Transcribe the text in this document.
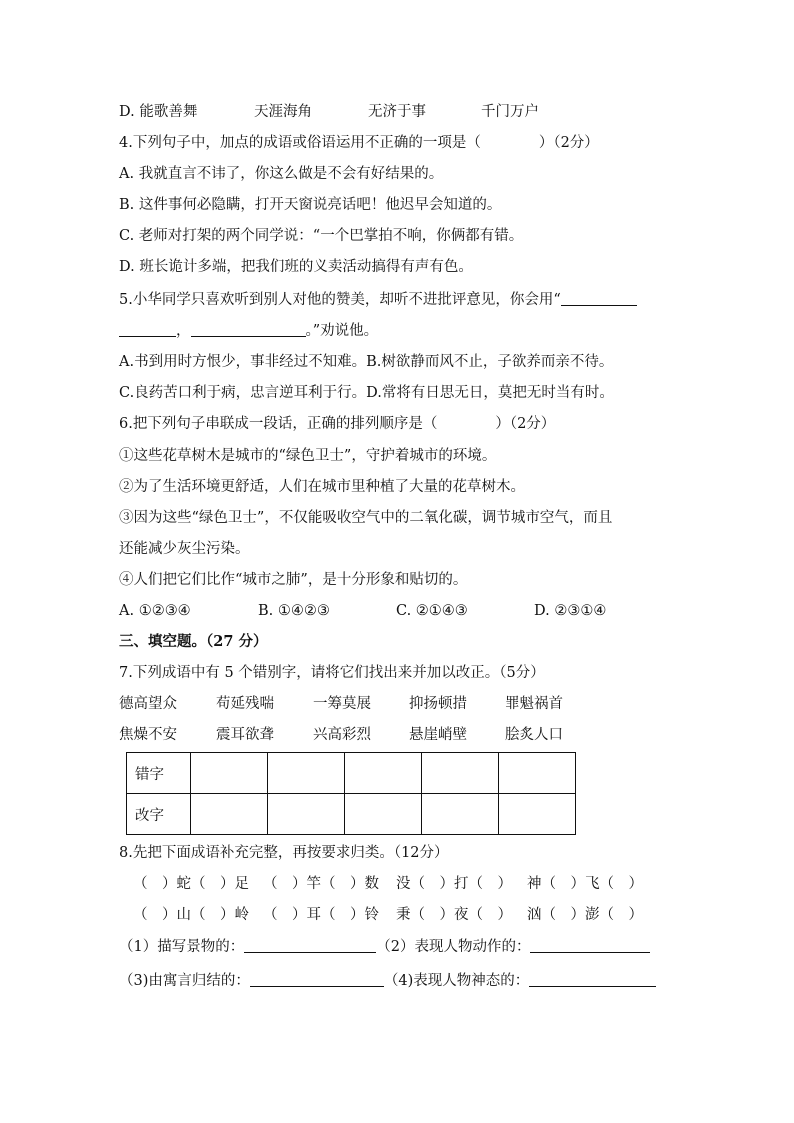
D. 能歌善舞	天涯海角	无济于事	千门万户
4.下列句子中，加点的成语或俗语运用不正确的一项是（　　　　）（2分）
A. 我就直言不讳了，你这么做是不会有好结果的。
B. 这件事何必隐瞒，打开天窗说亮话吧！他迟早会知道的。
C. 老师对打架的两个同学说：“一个巴掌拍不响，你俩都有错。
D. 班长诡计多端，把我们班的义卖活动搞得有声有色。
5.小华同学只喜欢听到别人对他的赞美，却听不进批评意见，你会用“
，	。”劝说他。
A.书到用时方恨少，事非经过不知难。B.树欲静而风不止，子欲养而亲不待。
C.良药苦口利于病，忠言逆耳利于行。D.常将有日思无日，莫把无时当有时。
6.把下列句子串联成一段话，正确的排列顺序是（　　　　）（2分）
①这些花草树木是城市的“绿色卫士”，守护着城市的环境。
②为了生活环境更舒适，人们在城市里种植了大量的花草树木。
③因为这些“绿色卫士”，不仅能吸收空气中的二氧化碳，调节城市空气，而且
还能减少灰尘污染。
④人们把它们比作“城市之肺”，是十分形象和贴切的。
A. ①②③④	B. ①④②③	C. ②①④③	D. ②③①④
三、填空题。（27 分）
7.下列成语中有 5 个错别字，请将它们找出来并加以改正。（5分）
德高望众	苟延残喘	一筹莫展	抑扬顿措	罪魁祸首
焦燥不安	震耳欲聋	兴高彩烈	悬崖峭壁	脍炙人口
错字					
改字					
8.先把下面成语补充完整，再按要求归类。（12分）
（　）蛇（　）足 （　）竿（　）数 没（　）打（　） 神（　）飞（　）
（　）山（　）岭 （　）耳（　）铃 秉（　）夜（　） 汹（　）澎（　）
（1）描写景物的：	（2）表现人物动作的：
（3)由寓言归结的：	（4)表现人物神态的：
